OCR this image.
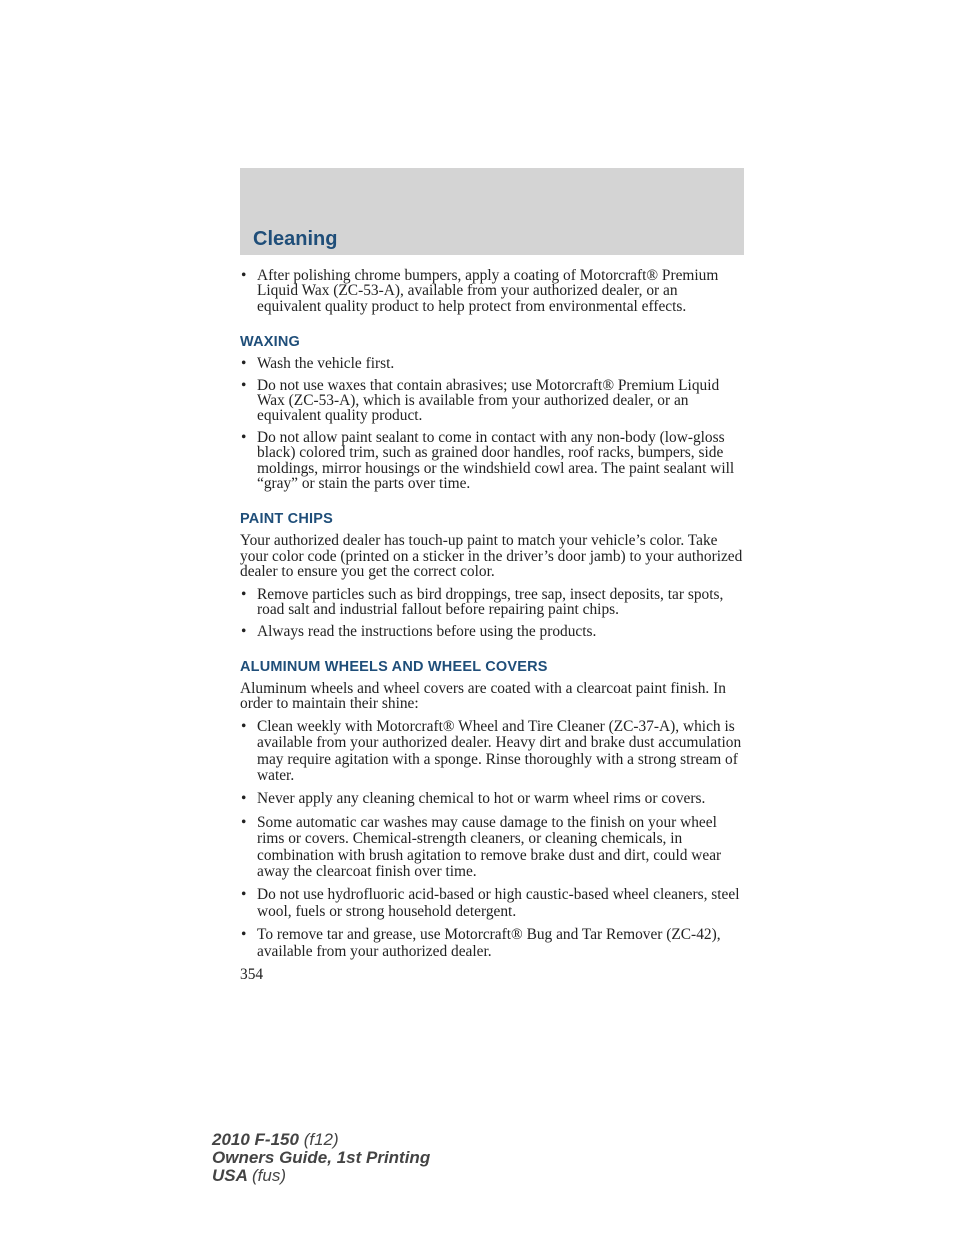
Cleaning
• After polishing chrome bumpers, apply a coating of Motorcraft® Premium Liquid Wax (ZC-53-A), available from your authorized dealer, or an equivalent quality product to help protect from environmental effects.
WAXING
• Wash the vehicle first.
• Do not use waxes that contain abrasives; use Motorcraft® Premium Liquid Wax (ZC-53-A), which is available from your authorized dealer, or an equivalent quality product.
• Do not allow paint sealant to come in contact with any non-body (low-gloss black) colored trim, such as grained door handles, roof racks, bumpers, side moldings, mirror housings or the windshield cowl area. The paint sealant will “gray” or stain the parts over time.
PAINT CHIPS

Your authorized dealer has touch-up paint to match your vehicle’s color. Take your color code (printed on a sticker in the driver’s door jamb) to your authorized dealer to ensure you get the correct color.

• Remove particles such as bird droppings, tree sap, insect deposits, tar spots, road salt and industrial fallout before repairing paint chips.
• Always read the instructions before using the products.
ALUMINUM WHEELS AND WHEEL COVERS

Aluminum wheels and wheel covers are coated with a clearcoat paint finish. In order to maintain their shine:

• Clean weekly with Motorcraft® Wheel and Tire Cleaner (ZC-37-A), which is available from your authorized dealer. Heavy dirt and brake dust accumulation may require agitation with a sponge. Rinse thoroughly with a strong stream of water.
• Never apply any cleaning chemical to hot or warm wheel rims or covers.
• Some automatic car washes may cause damage to the finish on your wheel rims or covers. Chemical-strength cleaners, or cleaning chemicals, in combination with brush agitation to remove brake dust and dirt, could wear away the clearcoat finish over time.
• Do not use hydrofluoric acid-based or high caustic-based wheel cleaners, steel wool, fuels or strong household detergent.
• To remove tar and grease, use Motorcraft® Bug and Tar Remover (ZC-42), available from your authorized dealer.
354
2010 F-150 (f12)
Owners Guide, 1st Printing
USA (fus)
